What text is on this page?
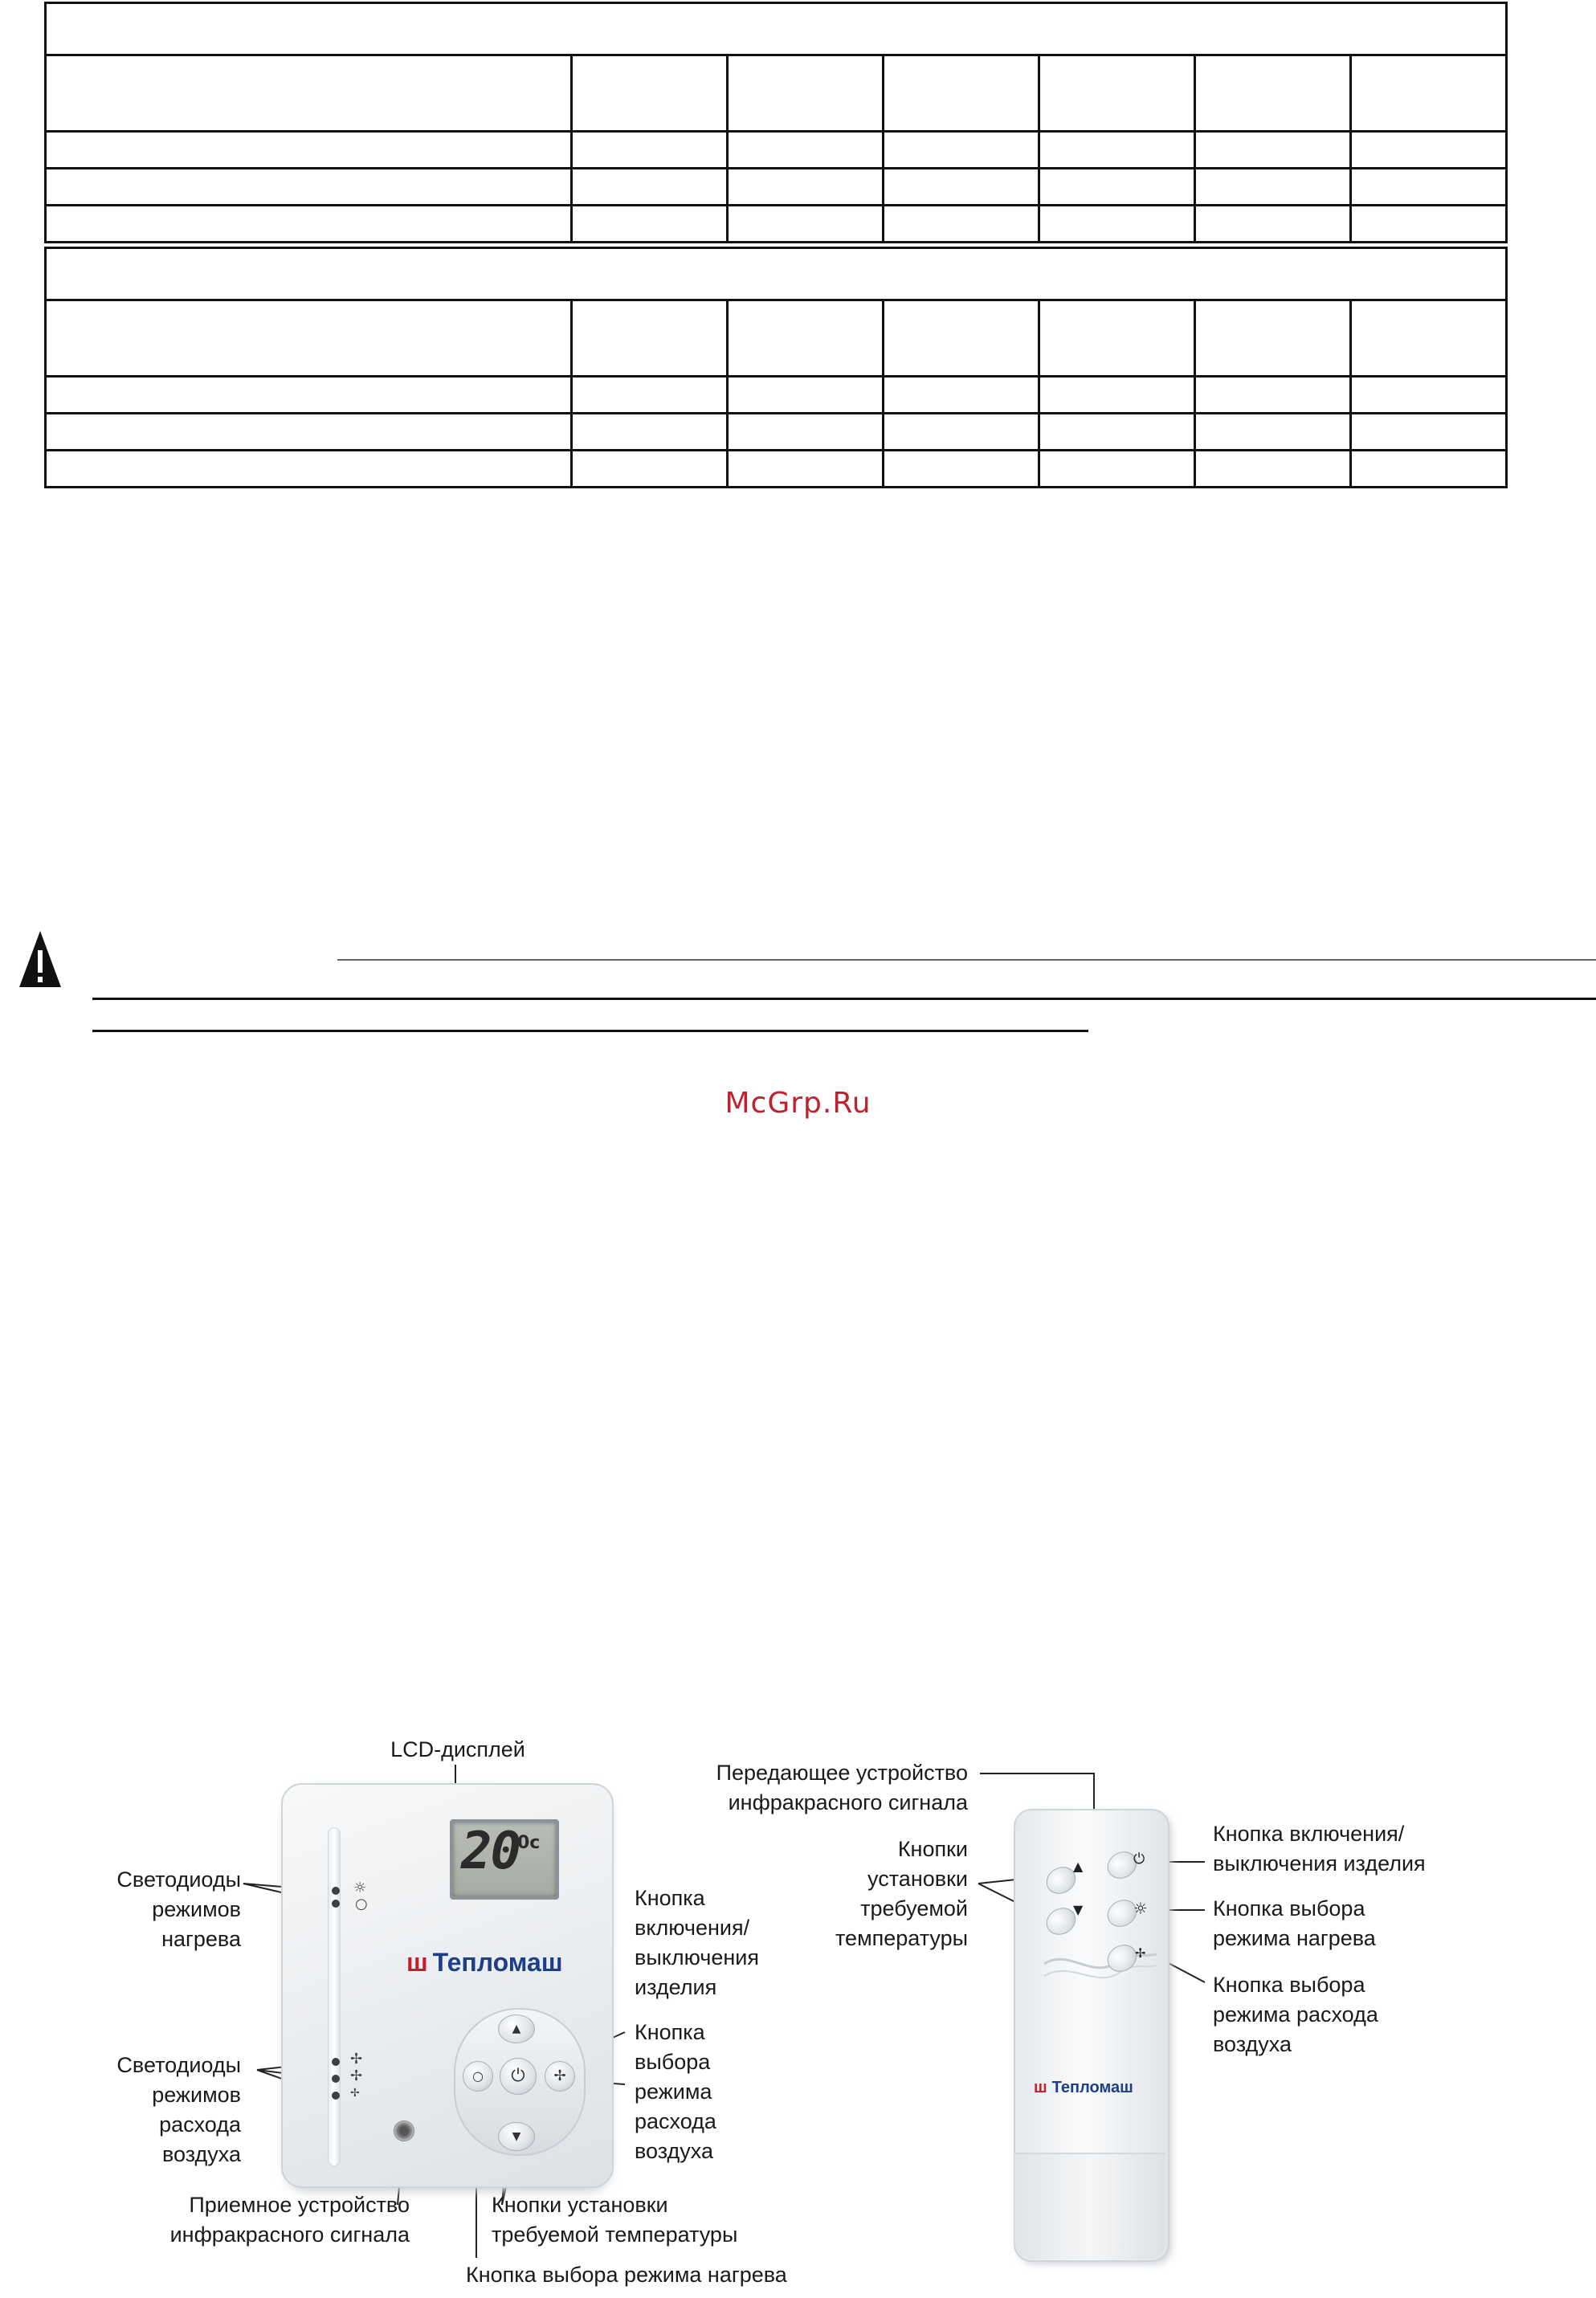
McGrp.Ru
20
0c
ш Тепломаш
☼
○
✢
✢
✢
▲
▼
⏻
○	✢
LCD-дисплей
Светодиоды
режимов
нагрева
Кнопка
включения/
выключения
изделия
Кнопка
выбора
режима
расхода
воздуха
Светодиоды
режимов
расхода
воздуха
Приемное устройство
инфракрасного сигнала
Кнопки установки
требуемой температуры
Кнопка выбора режима нагрева
▲
▼
⏻
☼
✢
ш Тепломаш
Передающее устройство
инфракрасного сигнала
Кнопки
установки
требуемой
температуры
Кнопка включения/
выключения изделия
Кнопка выбора
режима нагрева
Кнопка выбора
режима расхода
воздуха
